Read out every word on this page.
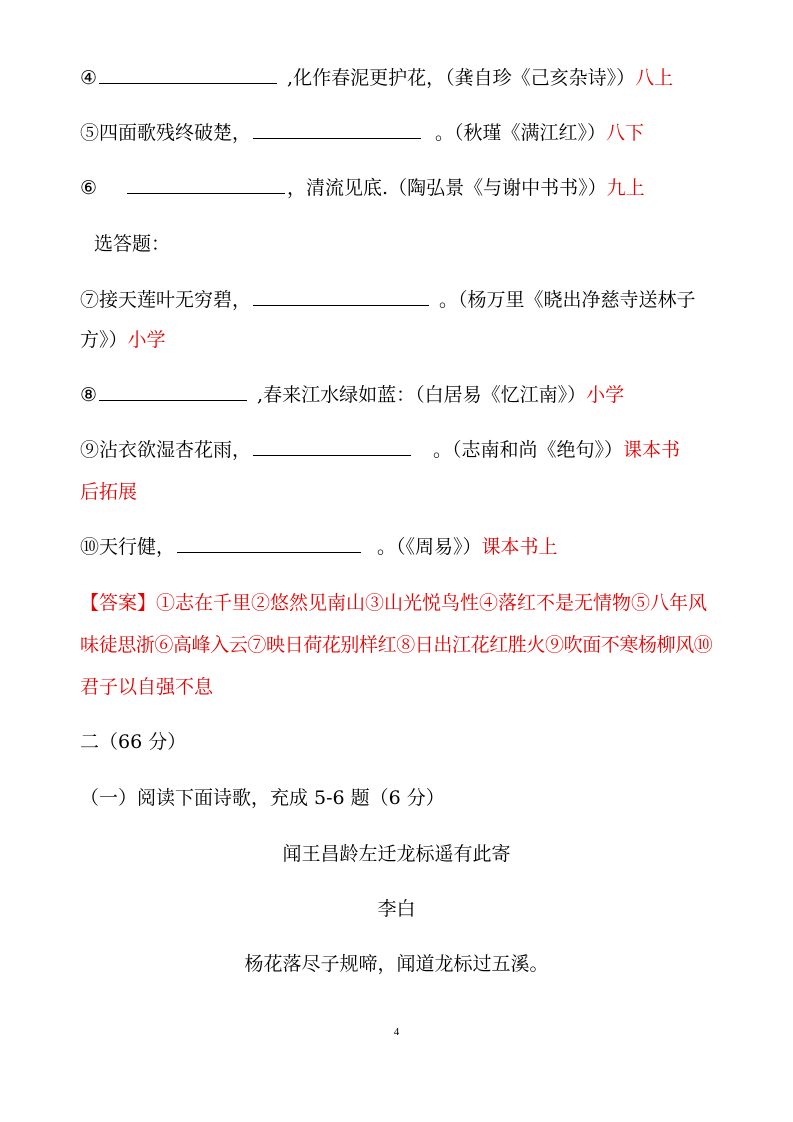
④	,化作春泥更护花，（龚自珍《己亥杂诗》）八上
⑤四面歌残终破楚，	。（秋瑾《满江红》）八下
⑥	，清流见底.（陶弘景《与谢中书书》）九上
选答题：
⑦接天莲叶无穷碧，	。（杨万里《晓出净慈寺送林子
方》）小学
⑧	,春来江水绿如蓝：（白居易《忆江南》）小学
⑨沾衣欲湿杏花雨，	。（志南和尚《绝句》）课本书
后拓展
⑩天行健，	。（《周易》）课本书上
【答案】①志在千里②悠然见南山③山光悦鸟性④落红不是无情物⑤八年风
味徒思浙⑥高峰入云⑦映日荷花别样红⑧日出江花红胜火⑨吹面不寒杨柳风⑩
君子以自强不息
二（66 分）
（一）阅读下面诗歌，充成 5-6 题（6 分）
闻王昌龄左迁龙标遥有此寄
李白
杨花落尽子规啼，闻道龙标过五溪。
4
